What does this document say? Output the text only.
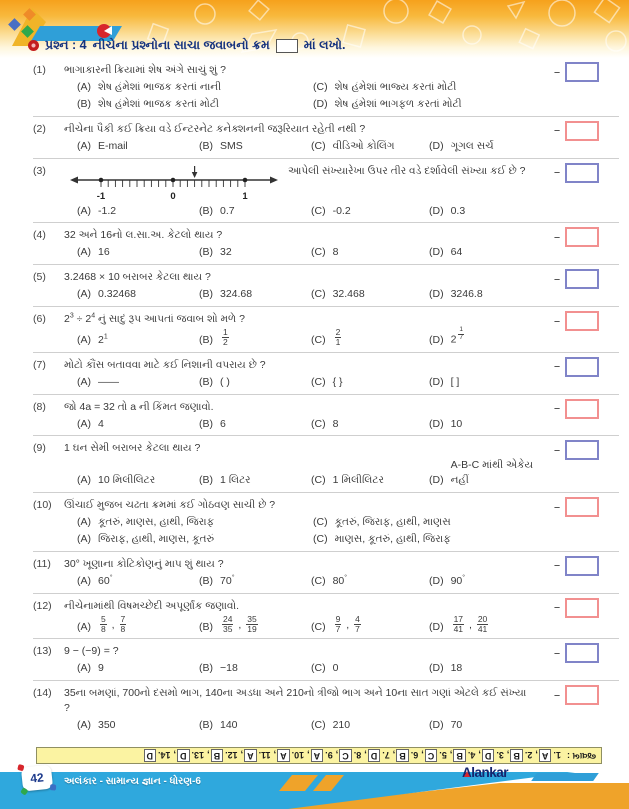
પ્રશ્ન : 4 નીચેના પ્રશ્નોના સાચા જવાબનો ક્રમ	માં લખો.
(1)	ભાગાકારની ક્રિયામાં શેષ અંગે સાચું શું ?
(A) શેષ હંમેશાં ભાજક કરતાં નાની	(C) શેષ હંમેશાં ભાજ્ય કરતાં મોટી
(B) શેષ હંમેશાં ભાજક કરતાં મોટી	(D) શેષ હંમેશાં ભાગફળ કરતાં મોટી
–
(2)	નીચેના પૈકી કઈ ક્રિયા વડે ઈન્ટરનેટ કનેક્શનની જરૂરિયાત રહેતી નથી ?
(A) E-mail	(B) SMS	(C) વીડિઓ કોલિંગ	(D) ગૂગલ સર્ચ
–
(3)
-1	0	1
આપેલી સંખ્યારેખા ઉપર તીર વડે દર્શાવેલી સંખ્યા કઈ છે ?
(A) -1.2	(B) 0.7	(C) -0.2	(D) 0.3
–
(4)	32 અને 16નો લ.સા.અ. કેટલો થાય ?
(A) 16	(B) 32	(C) 8	(D) 64
–
(5)	3.2468 × 10 બરાબર કેટલા થાય ?
(A) 0.32468	(B) 324.68	(C) 32.468	(D) 3246.8
–
(6)	$2^3 \div 2^4$ નું સાદું રૂપ આપતાં જવાબ શો મળે ?
(A) $2^1$	$(B) \frac{1}{2}$	$(C) \frac{2}{1}$	(D) 2 $^{\frac{1}{7}}$
–
(7)	મોટો કૌંસ બતાવવા માટે કઈ નિશાની વપરાય છે ?
(A) ——	(B) ( )	(C) { }	(D) [ ]
–
(8)	જો 4a = 32 તો a ની કિંમત જણાવો.
(A) 4	(B) 6	(C) 8	(D) 10
–
(9)	1 ઘન સેમી બરાબર કેટલા થાય ?
(A) 10 મિલીલિટર	(B) 1 લિટર	(C) 1 મિલીલિટર	(D)
A-B-C માંથી એકેય નહીં
–
(10)	ઊંચાઈ મુજબ ચઢતા ક્રમમાં કઈ ગોઠવણ સાચી છે ?
(A) કૂતરું, માણસ, હાથી, જિરાફ	(C) કૂતરું, જિરાફ, હાથી, માણસ
(A) જિરાફ, હાથી, માણસ, કૂતરું	(C) માણસ, કૂતરું, હાથી, જિરાફ
–
(11)	30° ખૂણાના કોટિકોણનું માપ શું થાય ?
(A) 60°	(B) 70°	(C) 80°	(D) 90°
–
(12)	નીચેનામાંથી વિષમચ્છેદી અપૂર્ણાંક જણાવો.
$(A) \frac{5}{8}$ , $\frac{7}{8}$	$(B) \frac{24}{35}$ , $\frac{35}{19}$	$(C) \frac{9}{7}$ , $\frac{4}{7}$	$(D) \frac{17}{41}$ , $\frac{20}{41}$
–
(13)	9 − (−9) = ?
(A) 9	(B) −18	(C) 0	(D) 18
–
(14)	35ના બમણાં, 700નો દસમો ભાગ, 140ના અડધા અને 210નો ત્રીજો ભાગ અને 10ના સાત ગણાં એટલે કઈ સંખ્યા ?
(A) 350	(B) 140	(C) 210	(D) 70
–
જવાબ :
1.
A
,
2.
B
,
3.
D
,
4.
B
,
5.
C
,
6.
B
,
7.
D
,
8.
C
,
9.
A
,
10.
A
,
11.
A
,
12.
B
,
13.
D
,
14.
D
42 અલંકાર - સામાન્ય જ્ઞાન - ધોરણ-6
Alankar
